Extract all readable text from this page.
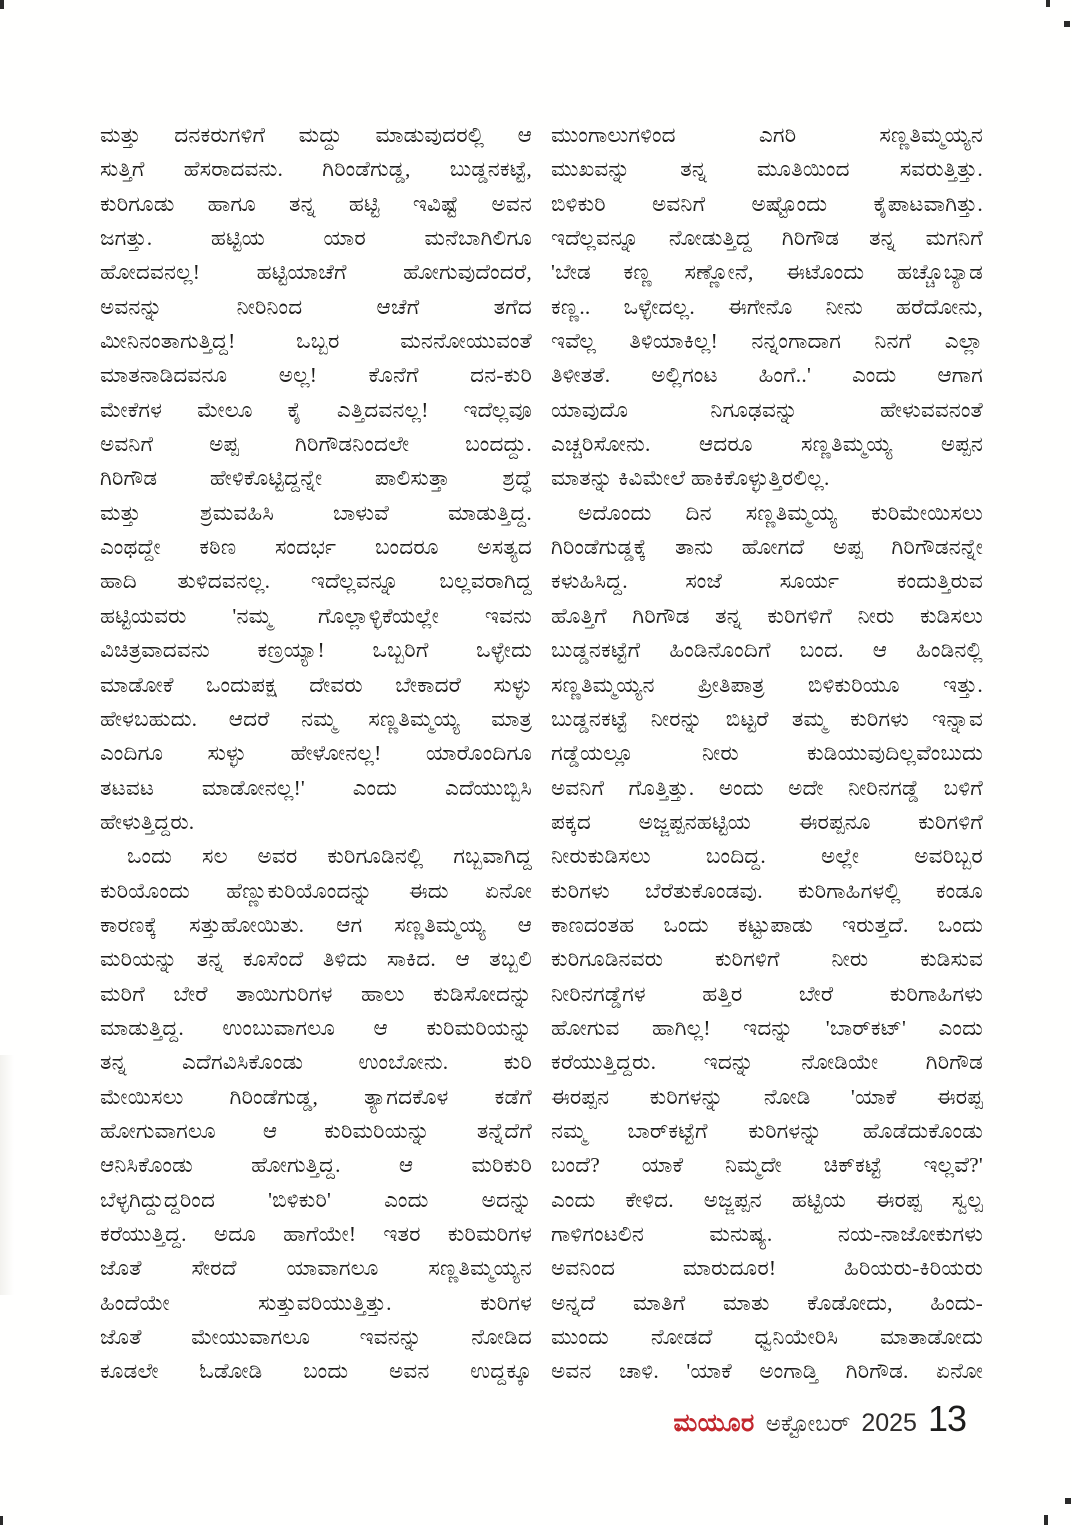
ಮತ್ತು ದನಕರುಗಳಿಗೆ ಮದ್ದು ಮಾಡುವುದರಲ್ಲಿ ಆ
ಸುತ್ತಿಗೆ ಹೆಸರಾದವನು. ಗಿರಿಂಡೆಗುಡ್ಡ, ಬುಡ್ಡನಕಟ್ಟೆ,
ಕುರಿಗೂಡು ಹಾಗೂ ತನ್ನ ಹಟ್ಟಿ ಇವಿಷ್ಟೆ ಅವನ
ಜಗತ್ತು. ಹಟ್ಟಿಯ ಯಾರ ಮನೆಬಾಗಿಲಿಗೂ
ಹೋದವನಲ್ಲ! ಹಟ್ಟಿಯಾಚೆಗೆ ಹೋಗುವುದೆಂದರೆ,
ಅವನನ್ನು ನೀರಿನಿಂದ ಆಚೆಗೆ ತಗೆದ
ಮೀನಿನಂತಾಗುತ್ತಿದ್ದ! ಒಬ್ಬರ ಮನನೋಯುವಂತೆ
ಮಾತನಾಡಿದವನೂ ಅಲ್ಲ! ಕೊನೆಗೆ ದನ-ಕುರಿ
ಮೇಕೆಗಳ ಮೇಲೂ ಕೈ ಎತ್ತಿದವನಲ್ಲ! ಇದೆಲ್ಲವೂ
ಅವನಿಗೆ ಅಪ್ಪ ಗಿರಿಗೌಡನಿಂದಲೇ ಬಂದದ್ದು.
ಗಿರಿಗೌಡ ಹೇಳಿಕೊಟ್ಟಿದ್ದನ್ನೇ ಪಾಲಿಸುತ್ತಾ ಶ್ರದ್ಧೆ
ಮತ್ತು ಶ್ರಮವಹಿಸಿ ಬಾಳುವೆ ಮಾಡುತ್ತಿದ್ದ.
ಎಂಥದ್ದೇ ಕಠಿಣ ಸಂದರ್ಭ ಬಂದರೂ ಅಸತ್ಯದ
ಹಾದಿ ತುಳಿದವನಲ್ಲ. ಇದೆಲ್ಲವನ್ನೂ ಬಲ್ಲವರಾಗಿದ್ದ
ಹಟ್ಟಿಯವರು 'ನಮ್ಮ ಗೊಲ್ಲಾಳ್ಳಿಕೆಯಲ್ಲೇ ಇವನು
ವಿಚಿತ್ರವಾದವನು ಕಣ್ರಯ್ಯಾ! ಒಬ್ಬರಿಗೆ ಒಳ್ಳೇದು
ಮಾಡೋಕೆ ಒಂದುಪಕ್ಷ ದೇವರು ಬೇಕಾದರೆ ಸುಳ್ಳು
ಹೇಳಬಹುದು. ಆದರೆ ನಮ್ಮ ಸಣ್ಣತಿಮ್ಮಯ್ಯ ಮಾತ್ರ
ಎಂದಿಗೂ ಸುಳ್ಳು ಹೇಳೋನಲ್ಲ! ಯಾರೊಂದಿಗೂ
ತಟವಟ ಮಾಡೋನಲ್ಲ!' ಎಂದು ಎದೆಯುಬ್ಬಿಸಿ
ಹೇಳುತ್ತಿದ್ದರು.
ಒಂದು ಸಲ ಅವರ ಕುರಿಗೂಡಿನಲ್ಲಿ ಗಬ್ಬವಾಗಿದ್ದ
ಕುರಿಯೊಂದು ಹೆಣ್ಣುಕುರಿಯೊಂದನ್ನು ಈದು ಏನೋ
ಕಾರಣಕ್ಕೆ ಸತ್ತುಹೋಯಿತು. ಆಗ ಸಣ್ಣತಿಮ್ಮಯ್ಯ ಆ
ಮರಿಯನ್ನು ತನ್ನ ಕೂಸೆಂದೆ ತಿಳಿದು ಸಾಕಿದ. ಆ ತಬ್ಬಲಿ
ಮರಿಗೆ ಬೇರೆ ತಾಯಿಗುರಿಗಳ ಹಾಲು ಕುಡಿಸೋದನ್ನು
ಮಾಡುತ್ತಿದ್ದ. ಉಂಬುವಾಗಲೂ ಆ ಕುರಿಮರಿಯನ್ನು
ತನ್ನ ಎದೆಗವಿಸಿಕೊಂಡು ಉಂಬೋನು. ಕುರಿ
ಮೇಯಿಸಲು ಗಿರಿಂಡೆಗುಡ್ಡ, ತ್ಯಾಗದಕೊಳ ಕಡೆಗೆ
ಹೋಗುವಾಗಲೂ ಆ ಕುರಿಮರಿಯನ್ನು ತನ್ನೆದೆಗೆ
ಆನಿಸಿಕೊಂಡು ಹೋಗುತ್ತಿದ್ದ. ಆ ಮರಿಕುರಿ
ಬೆಳ್ಳಗಿದ್ದುದ್ದರಿಂದ 'ಬಿಳಿಕುರಿ' ಎಂದು ಅದನ್ನು
ಕರೆಯುತ್ತಿದ್ದ. ಅದೂ ಹಾಗೆಯೇ! ಇತರ ಕುರಿಮರಿಗಳ
ಜೊತೆ ಸೇರದೆ ಯಾವಾಗಲೂ ಸಣ್ಣತಿಮ್ಮಯ್ಯನ
ಹಿಂದೆಯೇ ಸುತ್ತುವರಿಯುತ್ತಿತ್ತು. ಕುರಿಗಳ
ಜೊತೆ ಮೇಯುವಾಗಲೂ ಇವನನ್ನು ನೋಡಿದ
ಕೂಡಲೇ ಓಡೋಡಿ ಬಂದು ಅವನ ಉದ್ದಕ್ಕೂ
ಮುಂಗಾಲುಗಳಿಂದ ಎಗರಿ ಸಣ್ಣತಿಮ್ಮಯ್ಯನ
ಮುಖವನ್ನು ತನ್ನ ಮೂತಿಯಿಂದ ಸವರುತ್ತಿತ್ತು.
ಬಿಳಿಕುರಿ ಅವನಿಗೆ ಅಷ್ಟೊಂದು ಕೈಪಾಟವಾಗಿತ್ತು.
ಇದೆಲ್ಲವನ್ನೂ ನೋಡುತ್ತಿದ್ದ ಗಿರಿಗೌಡ ತನ್ನ ಮಗನಿಗೆ
'ಬೇಡ ಕಣ್ಣ ಸಣ್ಣೋನೆ, ಈಟೊಂದು ಹಚ್ಚೊಬ್ಯಾಡ
ಕಣ್ಣ.. ಒಳ್ಳೇದಲ್ಲ. ಈಗೇನೊ ನೀನು ಹರೆದೋನು,
ಇವೆಲ್ಲ ತಿಳಿಯಾಕಿಲ್ಲ! ನನ್ನಂಗಾದಾಗ ನಿನಗೆ ಎಲ್ಲಾ
ತಿಳೀತತೆ. ಅಲ್ಲಿಗಂಟ ಹಿಂಗೆ..' ಎಂದು ಆಗಾಗ
ಯಾವುದೊ ನಿಗೂಢವನ್ನು ಹೇಳುವವನಂತೆ
ಎಚ್ಚರಿಸೋನು. ಆದರೂ ಸಣ್ಣತಿಮ್ಮಯ್ಯ ಅಪ್ಪನ
ಮಾತನ್ನು ಕಿವಿಮೇಲೆ ಹಾಕಿಕೊಳ್ಳುತ್ತಿರಲಿಲ್ಲ.
ಅದೊಂದು ದಿನ ಸಣ್ಣತಿಮ್ಮಯ್ಯ ಕುರಿಮೇಯಿಸಲು
ಗಿರಿಂಡೆಗುಡ್ಡಕ್ಕೆ ತಾನು ಹೋಗದೆ ಅಪ್ಪ ಗಿರಿಗೌಡನನ್ನೇ
ಕಳುಹಿಸಿದ್ದ. ಸಂಜೆ ಸೂರ್ಯ ಕಂದುತ್ತಿರುವ
ಹೊತ್ತಿಗೆ ಗಿರಿಗೌಡ ತನ್ನ ಕುರಿಗಳಿಗೆ ನೀರು ಕುಡಿಸಲು
ಬುಡ್ಡನಕಟ್ಟೆಗೆ ಹಿಂಡಿನೊಂದಿಗೆ ಬಂದ. ಆ ಹಿಂಡಿನಲ್ಲಿ
ಸಣ್ಣತಿಮ್ಮಯ್ಯನ ಪ್ರೀತಿಪಾತ್ರ ಬಿಳಿಕುರಿಯೂ ಇತ್ತು.
ಬುಡ್ಡನಕಟ್ಟೆ ನೀರನ್ನು ಬಿಟ್ಟರೆ ತಮ್ಮ ಕುರಿಗಳು ಇನ್ನಾವ
ಗಡ್ಡೆಯಲ್ಲೂ ನೀರು ಕುಡಿಯುವುದಿಲ್ಲವೆಂಬುದು
ಅವನಿಗೆ ಗೊತ್ತಿತ್ತು. ಅಂದು ಅದೇ ನೀರಿನಗಡ್ಡೆ ಬಳಿಗೆ
ಪಕ್ಕದ ಅಜ್ಜಪ್ಪನಹಟ್ಟಿಯ ಈರಪ್ಪನೂ ಕುರಿಗಳಿಗೆ
ನೀರುಕುಡಿಸಲು ಬಂದಿದ್ದ. ಅಲ್ಲೇ ಅವರಿಬ್ಬರ
ಕುರಿಗಳು ಬೆರೆತುಕೊಂಡವು. ಕುರಿಗಾಹಿಗಳಲ್ಲಿ ಕಂಡೂ
ಕಾಣದಂತಹ ಒಂದು ಕಟ್ಟುಪಾಡು ಇರುತ್ತದೆ. ಒಂದು
ಕುರಿಗೂಡಿನವರು ಕುರಿಗಳಿಗೆ ನೀರು ಕುಡಿಸುವ
ನೀರಿನಗಡ್ಡೆಗಳ ಹತ್ತಿರ ಬೇರೆ ಕುರಿಗಾಹಿಗಳು
ಹೋಗುವ ಹಾಗಿಲ್ಲ! ಇದನ್ನು 'ಬಾರ್‌ಕಟ್' ಎಂದು
ಕರೆಯುತ್ತಿದ್ದರು. ಇದನ್ನು ನೋಡಿಯೇ ಗಿರಿಗೌಡ
ಈರಪ್ಪನ ಕುರಿಗಳನ್ನು ನೋಡಿ 'ಯಾಕೆ ಈರಪ್ಪ
ನಮ್ಮ ಬಾರ್‌ಕಟ್ಟೆಗೆ ಕುರಿಗಳನ್ನು ಹೊಡೆದುಕೊಂಡು
ಬಂದೆ? ಯಾಕೆ ನಿಮ್ಮದೇ ಚಿಕ್‌ಕಟ್ಟೆ ಇಲ್ಲವೆ?'
ಎಂದು ಕೇಳಿದ. ಅಜ್ಜಪ್ಪನ ಹಟ್ಟಿಯ ಈರಪ್ಪ ಸ್ವಲ್ಪ
ಗಾಳಿಗಂಟಲಿನ ಮನುಷ್ಯ. ನಯ-ನಾಜೋಕುಗಳು
ಅವನಿಂದ ಮಾರುದೂರ! ಹಿರಿಯರು-ಕಿರಿಯರು
ಅನ್ನದೆ ಮಾತಿಗೆ ಮಾತು ಕೊಡೋದು, ಹಿಂದು-
ಮುಂದು ನೋಡದೆ ಧ್ವನಿಯೇರಿಸಿ ಮಾತಾಡೋದು
ಅವನ ಚಾಳಿ. 'ಯಾಕೆ ಅಂಗಾಡ್ತಿ ಗಿರಿಗೌಡ. ಏನೋ
ಮಯೂರ ಅಕ್ಟೋಬರ್ 2025 13
